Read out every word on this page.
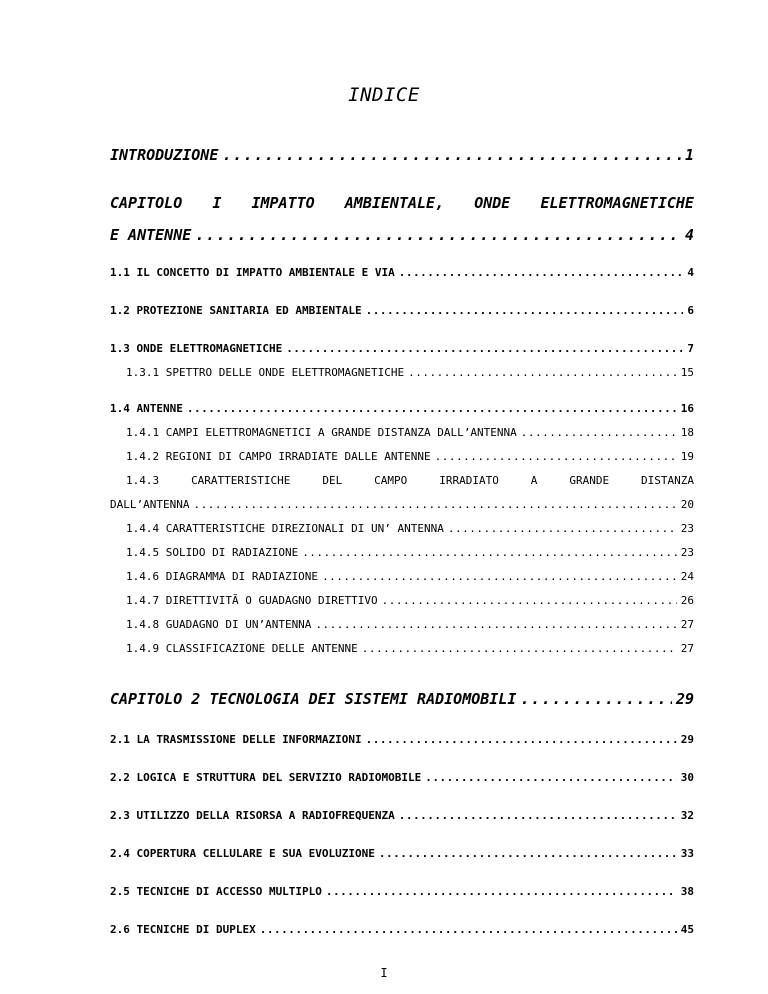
INDICE
INTRODUZIONE .....	1
CAPITOLO I IMPATTO AMBIENTALE, ONDE ELETTROMAGNETICHE
E ANTENNE .....	4
1.1 IL CONCETTO DI IMPATTO AMBIENTALE E VIA .....	4
1.2 PROTEZIONE SANITARIA ED AMBIENTALE .....	6
1.3 ONDE ELETTROMAGNETICHE .....	7
1.3.1 SPETTRO DELLE ONDE ELETTROMAGNETICHE .....	15
1.4 ANTENNE .....	16
1.4.1 CAMPI ELETTROMAGNETICI A GRANDE DISTANZA DALL’ANTENNA .....	18
1.4.2 REGIONI DI CAMPO IRRADIATE DALLE ANTENNE .....	19
1.4.3	CARATTERISTICHE	DEL	CAMPO	IRRADIATO	A	GRANDE	DISTANZA
DALL’ANTENNA .....	20
1.4.4 CARATTERISTICHE DIREZIONALI DI UN’ ANTENNA .....	23
1.4.5 SOLIDO DI RADIAZIONE .....	23
1.4.6 DIAGRAMMA DI RADIAZIONE .....	24
1.4.7 DIRETTIVITÃ O GUADAGNO DIRETTIVO .....	26
1.4.8 GUADAGNO DI UN’ANTENNA .....	27
1.4.9 CLASSIFICAZIONE DELLE ANTENNE .....	27
CAPITOLO 2 TECNOLOGIA DEI SISTEMI RADIOMOBILI .....	29
2.1 LA TRASMISSIONE DELLE INFORMAZIONI .....	29
2.2 LOGICA E STRUTTURA DEL SERVIZIO RADIOMOBILE .....	30
2.3 UTILIZZO DELLA RISORSA A RADIOFREQUENZA .....	32
2.4 COPERTURA CELLULARE E SUA EVOLUZIONE .....	33
2.5 TECNICHE DI ACCESSO MULTIPLO .....	38
2.6 TECNICHE DI DUPLEX .....	45
I
